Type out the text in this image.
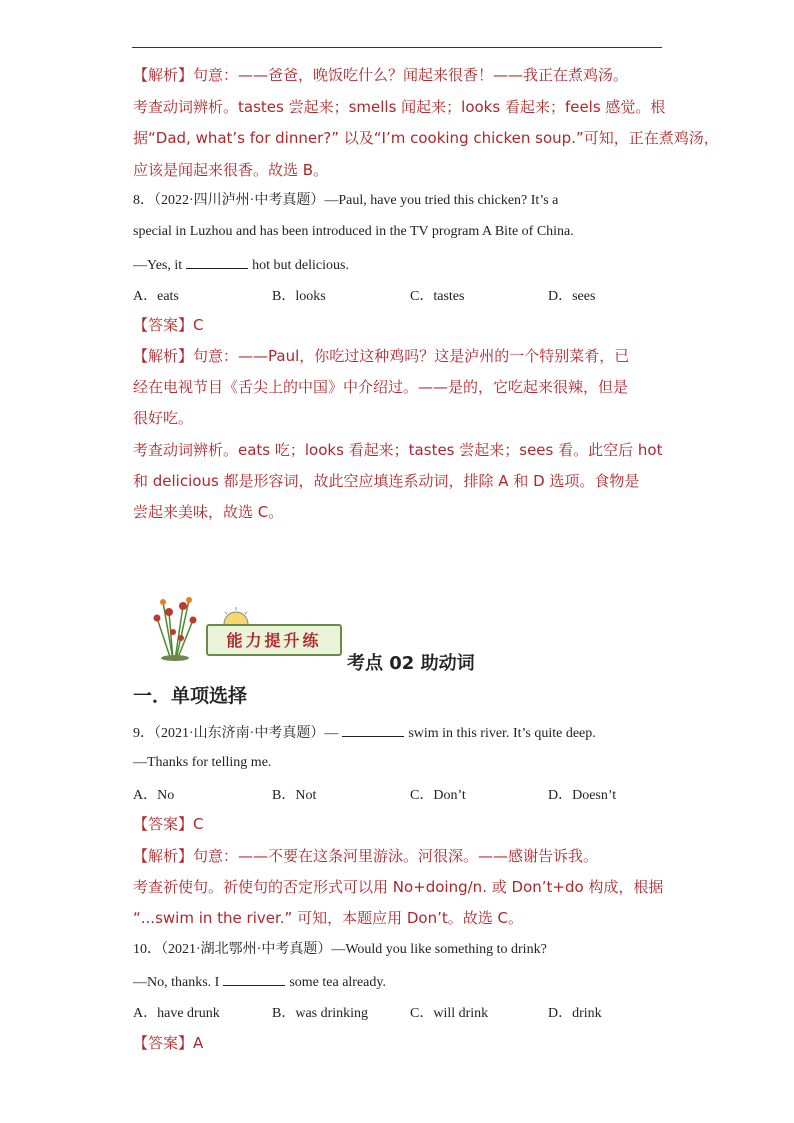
【解析】句意：——爸爸，晚饭吃什么？闻起来很香！——我正在煮鸡汤。
考查动词辨析。tastes 尝起来；smells 闻起来；looks 看起来；feels 感觉。根
据“Dad, what’s for dinner?” 以及“I’m cooking chicken soup.”可知，正在煮鸡汤，
应该是闻起来很香。故选 B。
8．（2022·四川泸州·中考真题）—Paul, have you tried this chicken? It’s a
special in Luzhou and has been introduced in the TV program A Bite of China.
—Yes, it	hot but delicious.
A．eats	B．looks	C．tastes	D．sees
【答案】C
【解析】句意：——Paul，你吃过这种鸡吗？这是泸州的一个特别菜肴，已
经在电视节目《舌尖上的中国》中介绍过。——是的，它吃起来很辣，但是
很好吃。
考查动词辨析。eats 吃；looks 看起来；tastes 尝起来；sees 看。此空后 hot
和 delicious 都是形容词，故此空应填连系动词，排除 A 和 D 选项。食物是
尝起来美味，故选 C。
能力提升练
考点 02 助动词
一．单项选择
9．（2021·山东济南·中考真题）—	swim in this river. It’s quite deep.
—Thanks for telling me.
A．No	B．Not	C．Don’t	D．Doesn’t
【答案】C
【解析】句意：——不要在这条河里游泳。河很深。——感谢告诉我。
考查祈使句。祈使句的否定形式可以用 No+doing/n. 或 Don’t+do 构成，根据
“...swim in the river.” 可知，本题应用 Don’t。故选 C。
10．（2021·湖北鄂州·中考真题）—Would you like something to drink?
—No, thanks. I	some tea already.
A．have drunk	B．was drinking	C．will drink	D．drink
【答案】A
